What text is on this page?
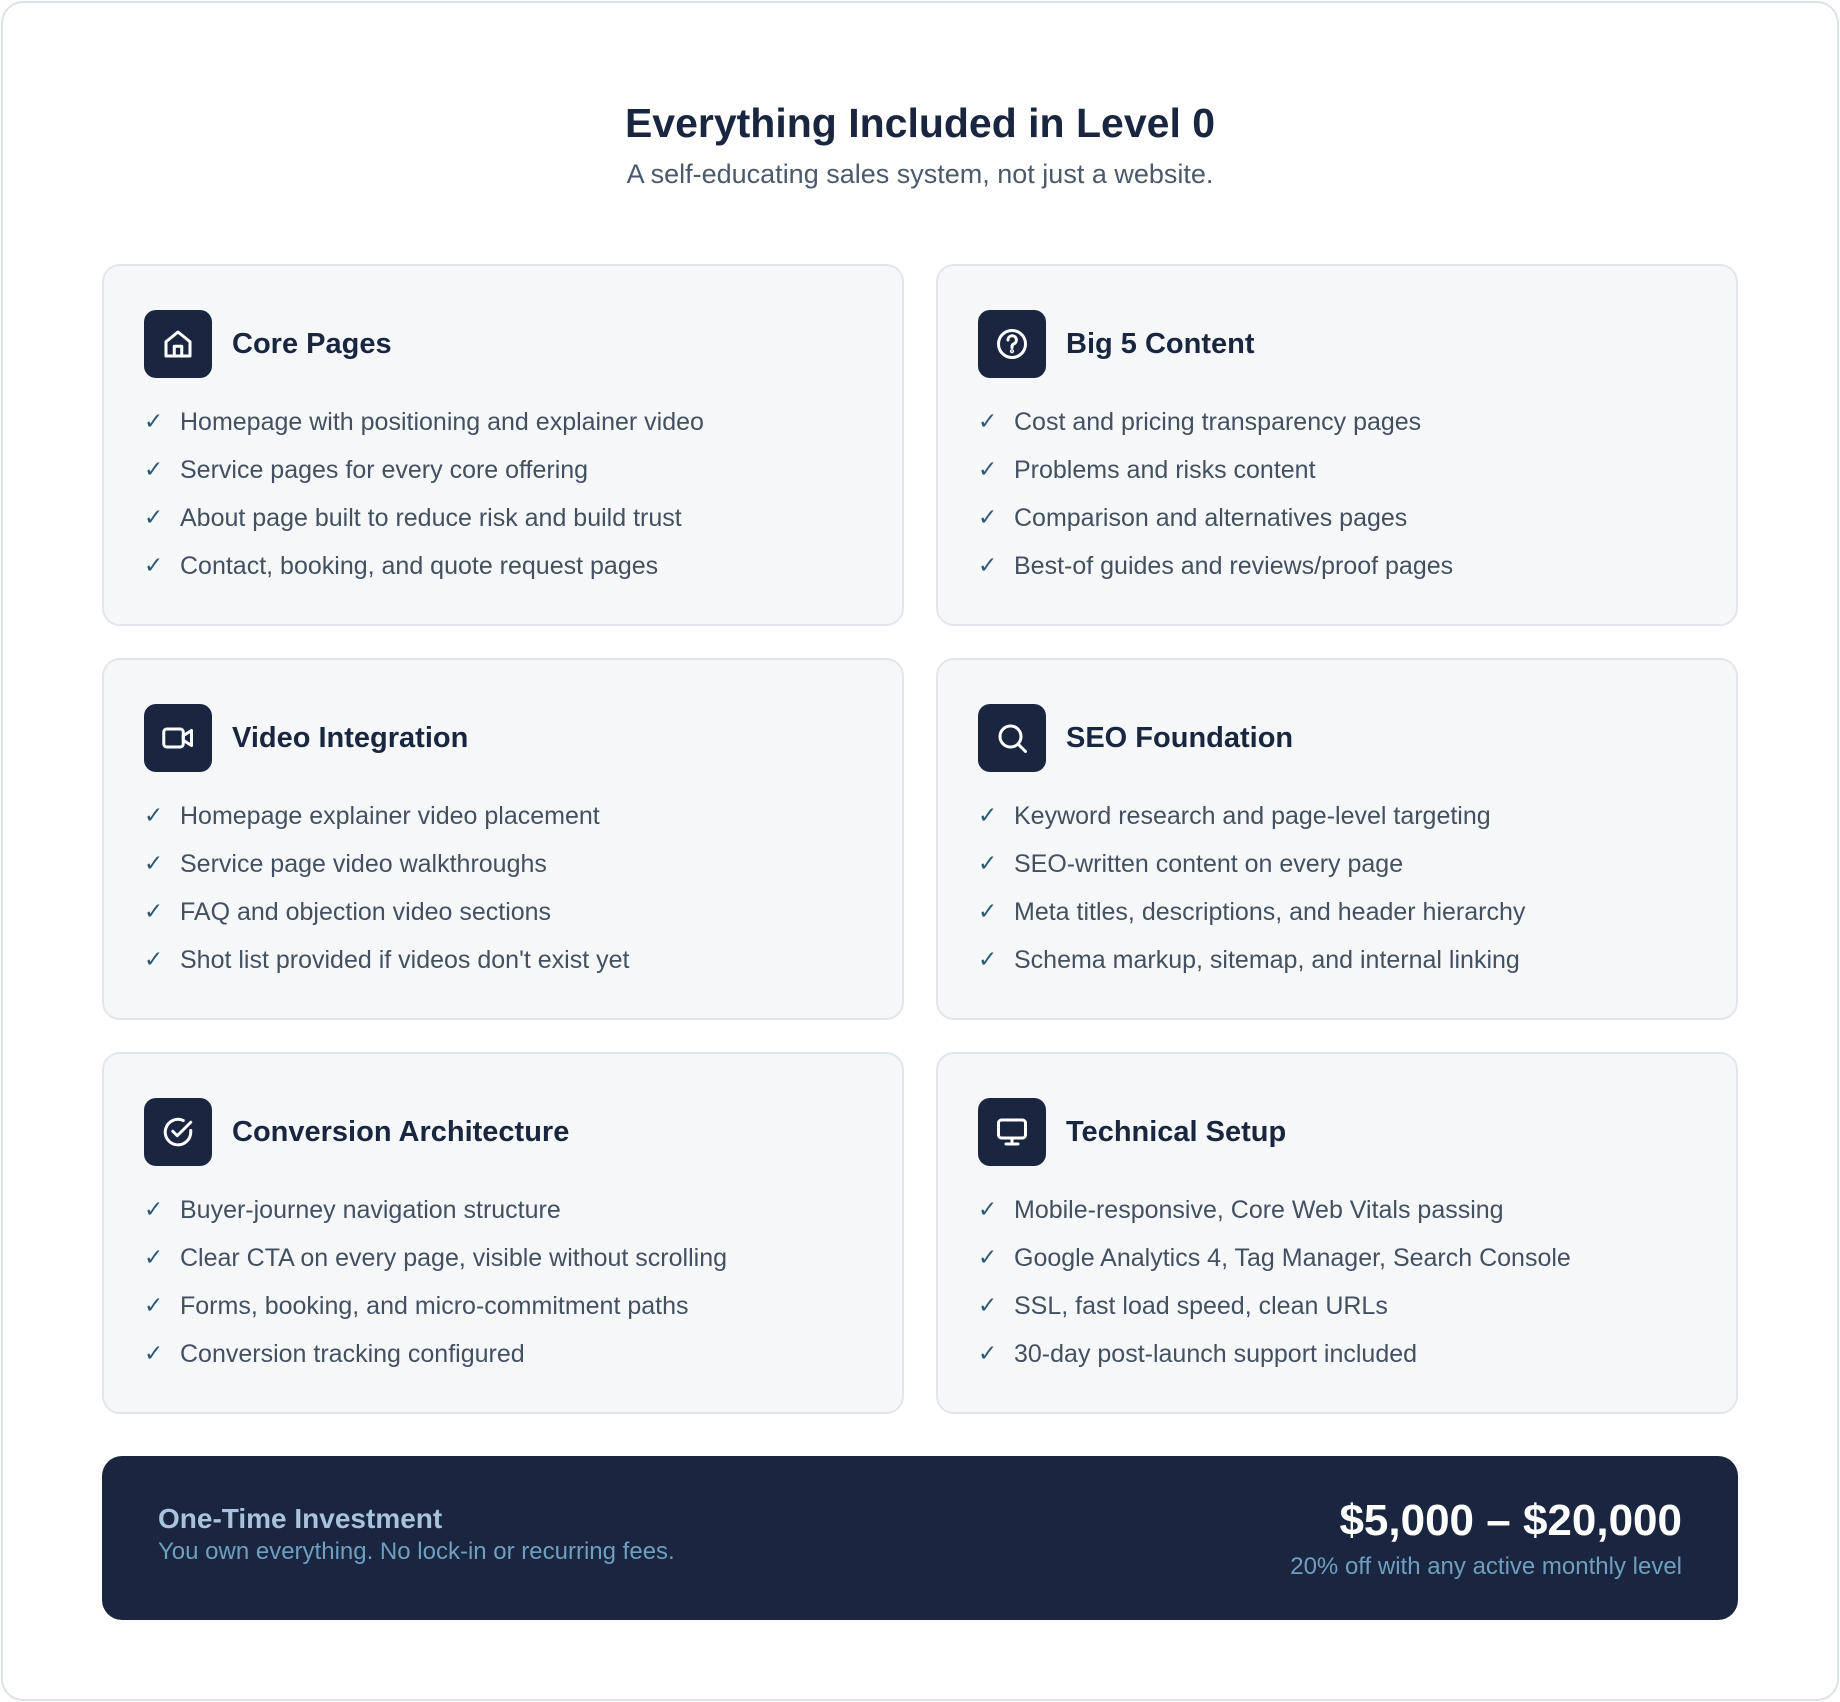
Everything Included in Level 0

A self-educating sales system, not just a website.

Core Pages
✓ Homepage with positioning and explainer video
✓ Service pages for every core offering
✓ About page built to reduce risk and build trust
✓ Contact, booking, and quote request pages
Big 5 Content
✓ Cost and pricing transparency pages
✓ Problems and risks content
✓ Comparison and alternatives pages
✓ Best-of guides and reviews/proof pages
Video Integration
✓ Homepage explainer video placement
✓ Service page video walkthroughs
✓ FAQ and objection video sections
✓ Shot list provided if videos don't exist yet
SEO Foundation
✓ Keyword research and page-level targeting
✓ SEO-written content on every page
✓ Meta titles, descriptions, and header hierarchy
✓ Schema markup, sitemap, and internal linking
Conversion Architecture
✓ Buyer-journey navigation structure
✓ Clear CTA on every page, visible without scrolling
✓ Forms, booking, and micro-commitment paths
✓ Conversion tracking configured
Technical Setup
✓ Mobile-responsive, Core Web Vitals passing
✓ Google Analytics 4, Tag Manager, Search Console
✓ SSL, fast load speed, clean URLs
✓ 30-day post-launch support included
One-Time Investment
You own everything. No lock-in or recurring fees.
$5,000 – $20,000
20% off with any active monthly level
